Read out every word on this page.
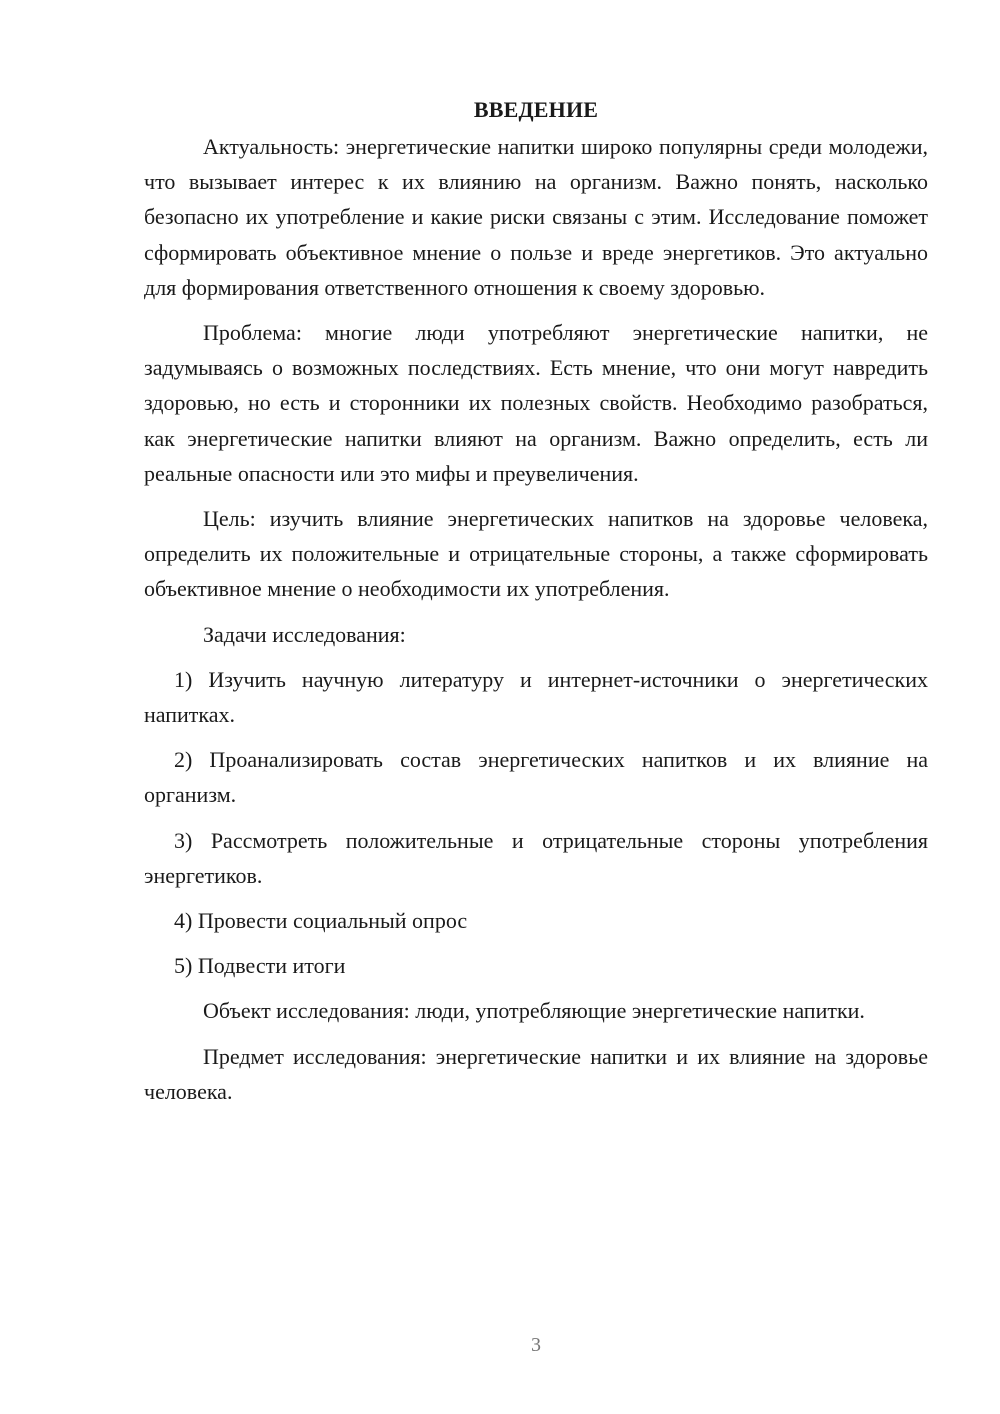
ВВЕДЕНИЕ

Актуальность: энергетические напитки широко популярны среди молодежи, что вызывает интерес к их влиянию на организм. Важно понять, насколько безопасно их употребление и какие риски связаны с этим. Исследование поможет сформировать объективное мнение о пользе и вреде энергетиков. Это актуально для формирования ответственного отношения к своему здоровью.

Проблема: многие люди употребляют энергетические напитки, не задумываясь о возможных последствиях. Есть мнение, что они могут навредить здоровью, но есть и сторонники их полезных свойств. Необходимо разобраться, как энергетические напитки влияют на организм. Важно определить, есть ли реальные опасности или это мифы и преувеличения.

Цель: изучить влияние энергетических напитков на здоровье человека, определить их положительные и отрицательные стороны, а также сформировать объективное мнение о необходимости их употребления.

Задачи исследования:

1) Изучить научную литературу и интернет-источники о энергетических напитках.

2) Проанализировать состав энергетических напитков и их влияние на организм.

3) Рассмотреть положительные и отрицательные стороны употребления энергетиков.

4) Провести социальный опрос

5) Подвести итоги

Объект исследования: люди, употребляющие энергетические напитки.

Предмет исследования: энергетические напитки и их влияние на здоровье человека.

3
